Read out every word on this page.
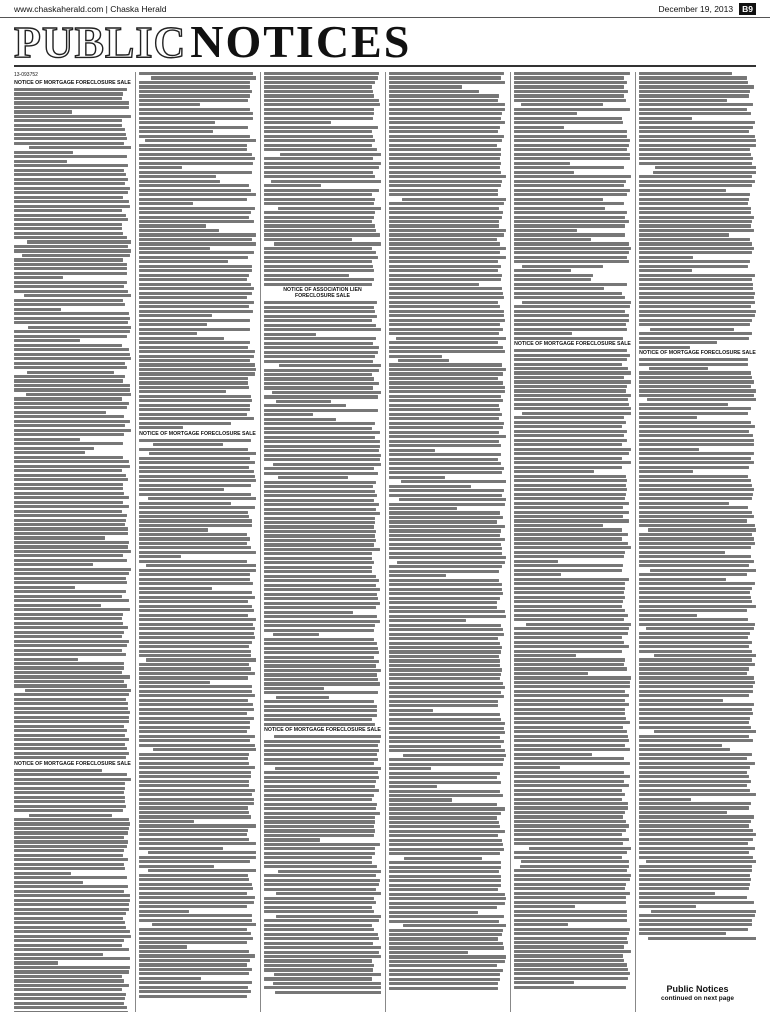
www.chaskaherald.com | Chaska Herald	December 19, 2013	B9
PUBLIC NOTICES
13-093752
NOTICE OF MORTGAGE FORECLOSURE SALE
NOTICE OF MORTGAGE FORECLOSURE SALE
NOTICE OF MORTGAGE FORECLOSURE SALE
NOTICE OF ASSOCIATION LIEN FORECLOSURE SALE
NOTICE OF MORTGAGE FORECLOSURE SALE
NOTICE OF MORTGAGE FORECLOSURE SALE
NOTICE OF MORTGAGE FORECLOSURE SALE
Public Notices
continued on next page
